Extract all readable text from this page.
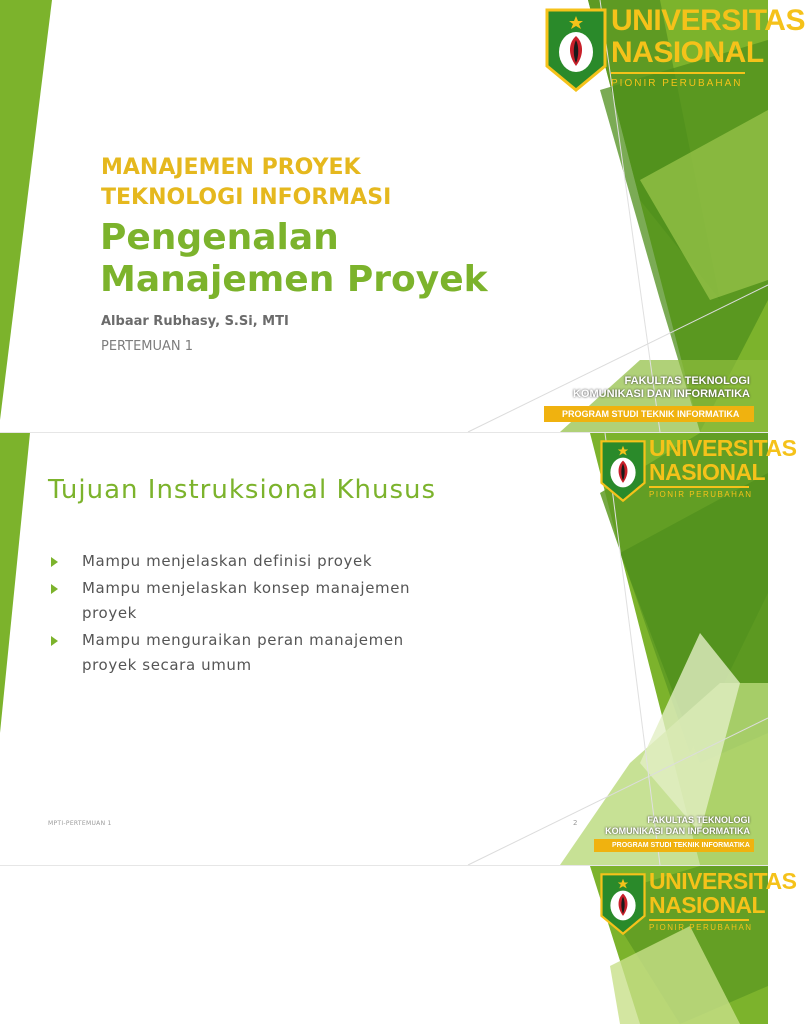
UNIVERSITAS
NASIONAL
PIONIR PERUBAHAN
MANAJEMEN PROYEK
TEKNOLOGI INFORMASI
Pengenalan
Manajemen Proyek

Albaar Rubhasy, S.Si, MTI

PERTEMUAN 1

FAKULTAS TEKNOLOGI
KOMUNIKASI DAN INFORMATIKA
PROGRAM STUDI TEKNIK INFORMATIKA
UNIVERSITAS
NASIONAL
PIONIR PERUBAHAN
Tujuan Instruksional Khusus
Mampu menjelaskan definisi proyek
Mampu menjelaskan konsep manajemen
proyek
Mampu menguraikan peran manajemen
proyek secara umum
MPTI-PERTEMUAN 1	2	FAKULTAS TEKNOLOGI
KOMUNIKASI DAN INFORMATIKA
PROGRAM STUDI TEKNIK INFORMATIKA
UNIVERSITAS
NASIONAL
PIONIR PERUBAHAN
